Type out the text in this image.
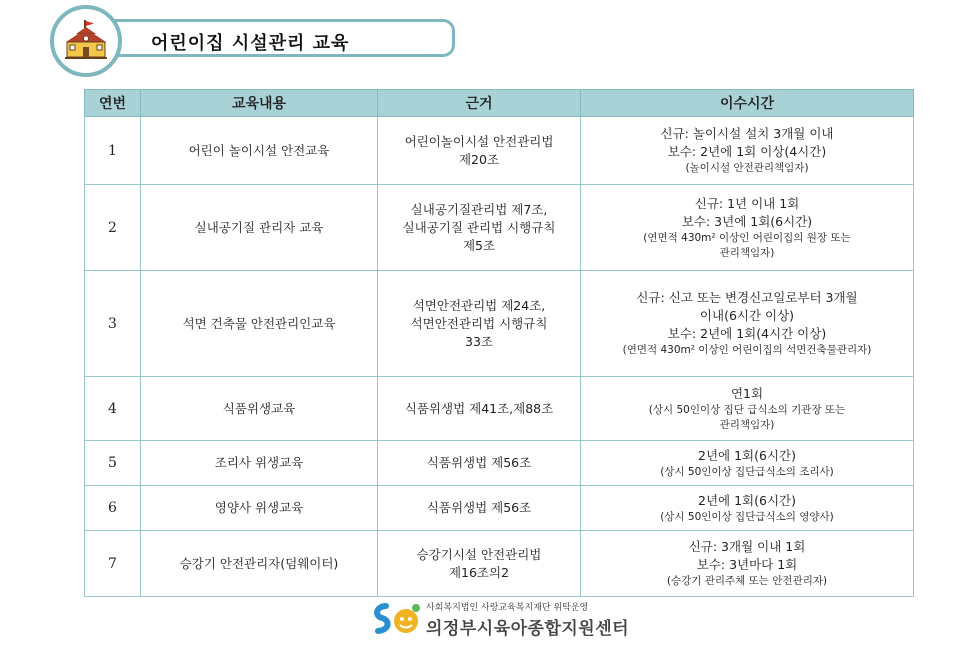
어린이집 시설관리 교육
연번	교육내용	근거	이수시간
1	어린이 놀이시설 안전교육	어린이놀이시설 안전관리법
제20조	신규: 놀이시설 설치 3개월 이내
보수: 2년에 1회 이상(4시간)
(놀이시설 안전관리책임자)

2	실내공기질 관리자 교육	실내공기질관리법 제7조,
실내공기질 관리법 시행규칙
제5조	신규: 1년 이내 1회
보수: 3년에 1회(6시간)
(연면적 430m² 이상인 어린이집의 원장 또는
관리책임자)

3	석면 건축물 안전관리인교육	석면안전관리법 제24조,
석면안전관리법 시행규칙
33조	신규: 신고 또는 변경신고일로부터 3개월
이내(6시간 이상)
보수: 2년에 1회(4시간 이상)
(연면적 430m² 이상인 어린이집의 석면건축물관리자)

4	식품위생교육	식품위생법 제41조,제88조	연1회
(상시 50인이상 집단 급식소의 기관장 또는
관리책임자)

5	조리사 위생교육	식품위생법 제56조	2년에 1회(6시간)
(상시 50인이상 집단급식소의 조리사)

6	영양사 위생교육	식품위생법 제56조	2년에 1회(6시간)
(상시 50인이상 집단급식소의 영양사)

7	승강기 안전관리자(덤웨이터)	승강기시설 안전관리법
제16조의2	신규: 3개월 이내 1회
보수: 3년마다 1회
(승강기 관리주체 또는 안전관리자)
사회복지법인 사랑교육복지재단 위탁운영
의정부시육아종합지원센터
